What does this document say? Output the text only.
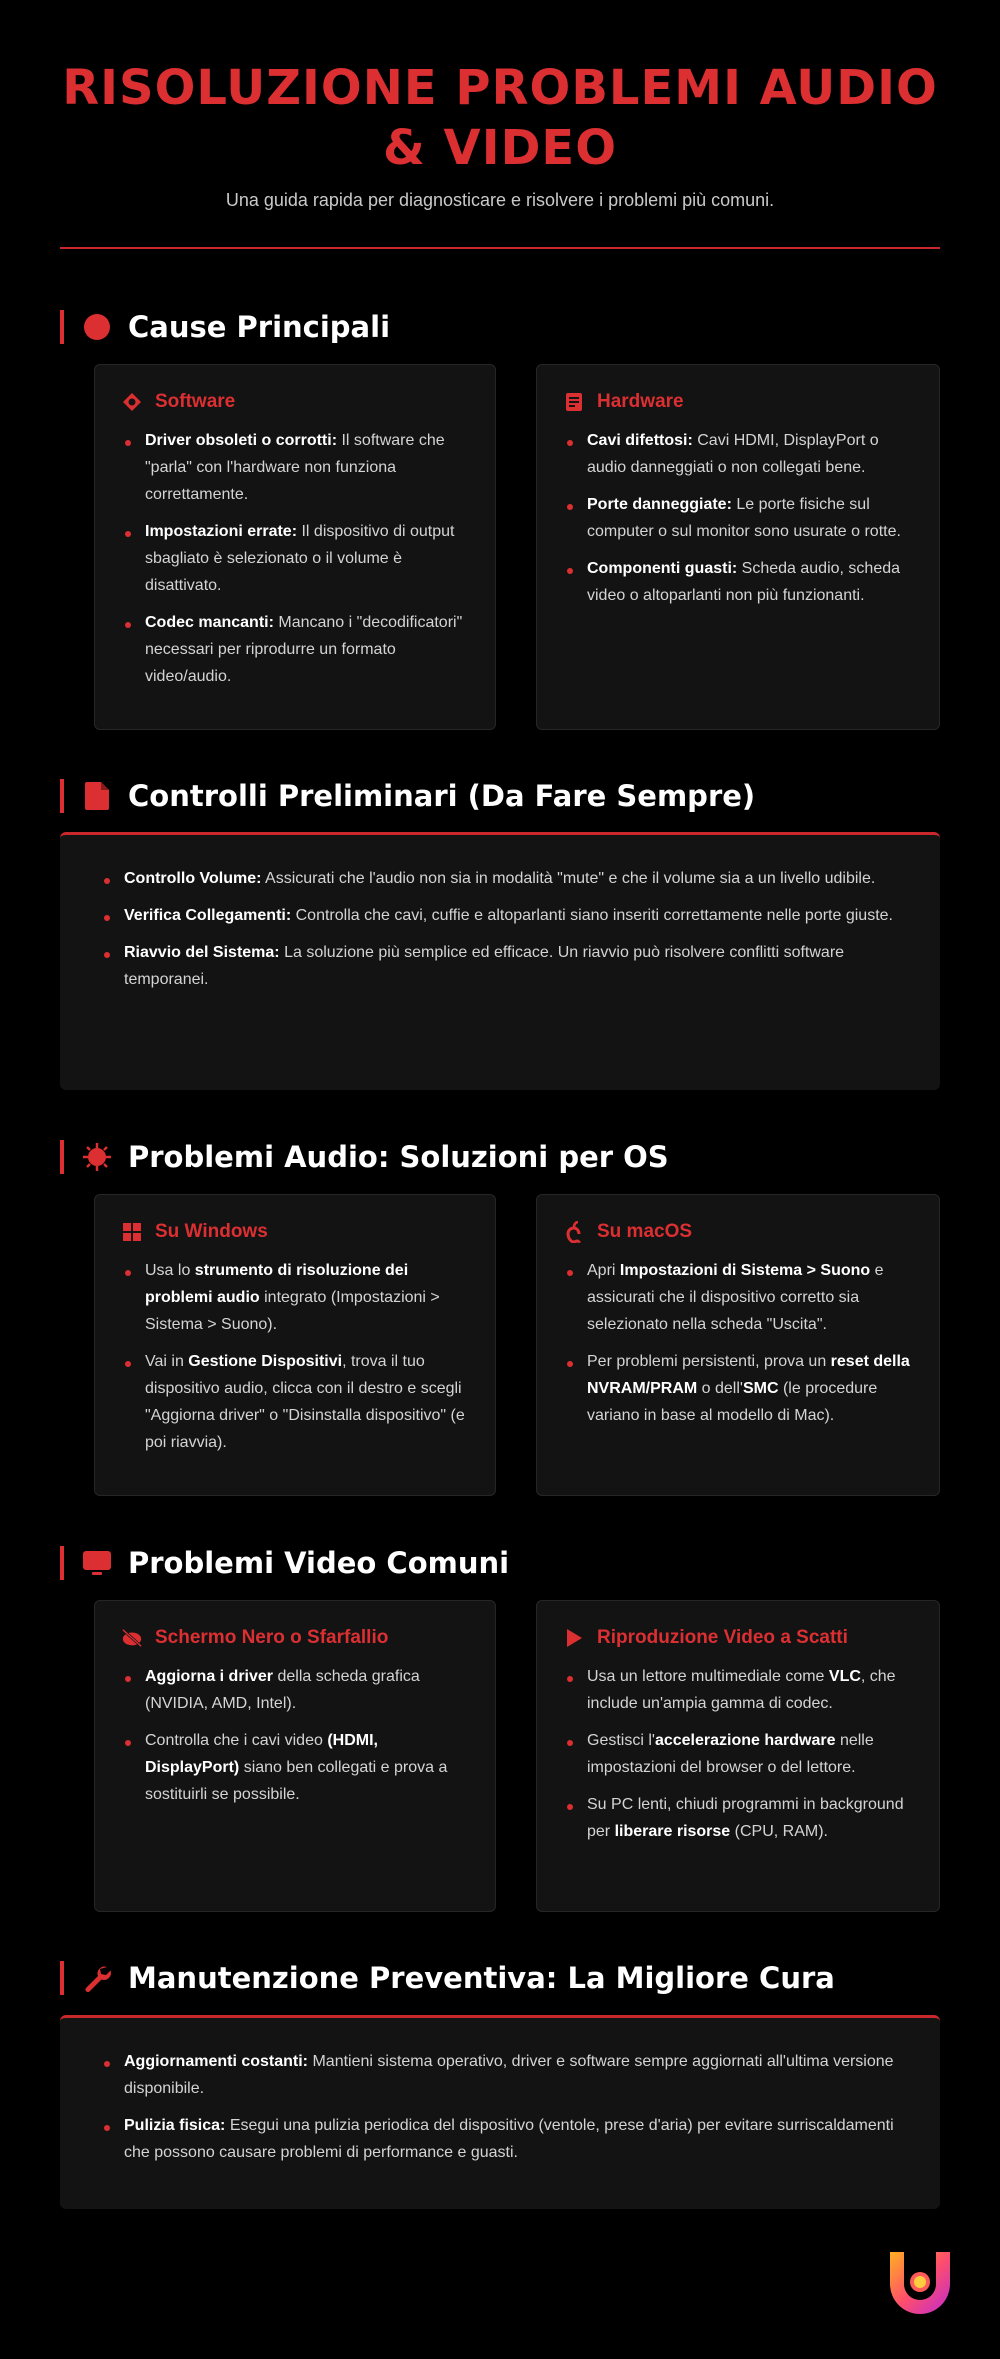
RISOLUZIONE PROBLEMI AUDIO & VIDEO

Una guida rapida per diagnosticare e risolvere i problemi più comuni.

Cause Principali
Software
Driver obsoleti o corrotti: Il software che "parla" con l'hardware non funziona correttamente.
Impostazioni errate: Il dispositivo di output sbagliato è selezionato o il volume è disattivato.
Codec mancanti: Mancano i "decodificatori" necessari per riprodurre un formato video/audio.
Hardware
Cavi difettosi: Cavi HDMI, DisplayPort o audio danneggiati o non collegati bene.
Porte danneggiate: Le porte fisiche sul computer o sul monitor sono usurate o rotte.
Componenti guasti: Scheda audio, scheda video o altoparlanti non più funzionanti.
Controlli Preliminari (Da Fare Sempre)
Controllo Volume: Assicurati che l'audio non sia in modalità "mute" e che il volume sia a un livello udibile.
Verifica Collegamenti: Controlla che cavi, cuffie e altoparlanti siano inseriti correttamente nelle porte giuste.
Riavvio del Sistema: La soluzione più semplice ed efficace. Un riavvio può risolvere conflitti software temporanei.
Problemi Audio: Soluzioni per OS
Su Windows
Usa lo strumento di risoluzione dei problemi audio integrato (Impostazioni > Sistema > Suono).
Vai in Gestione Dispositivi, trova il tuo dispositivo audio, clicca con il destro e scegli "Aggiorna driver" o "Disinstalla dispositivo" (e poi riavvia).
Su macOS
Apri Impostazioni di Sistema > Suono e assicurati che il dispositivo corretto sia selezionato nella scheda "Uscita".
Per problemi persistenti, prova un reset della NVRAM/PRAM o dell'SMC (le procedure variano in base al modello di Mac).
Problemi Video Comuni
Schermo Nero o Sfarfallio
Aggiorna i driver della scheda grafica (NVIDIA, AMD, Intel).
Controlla che i cavi video (HDMI, DisplayPort) siano ben collegati e prova a sostituirli se possibile.
Riproduzione Video a Scatti
Usa un lettore multimediale come VLC, che include un'ampia gamma di codec.
Gestisci l'accelerazione hardware nelle impostazioni del browser o del lettore.
Su PC lenti, chiudi programmi in background per liberare risorse (CPU, RAM).
Manutenzione Preventiva: La Migliore Cura
Aggiornamenti costanti: Mantieni sistema operativo, driver e software sempre aggiornati all'ultima versione disponibile.
Pulizia fisica: Esegui una pulizia periodica del dispositivo (ventole, prese d'aria) per evitare surriscaldamenti che possono causare problemi di performance e guasti.
